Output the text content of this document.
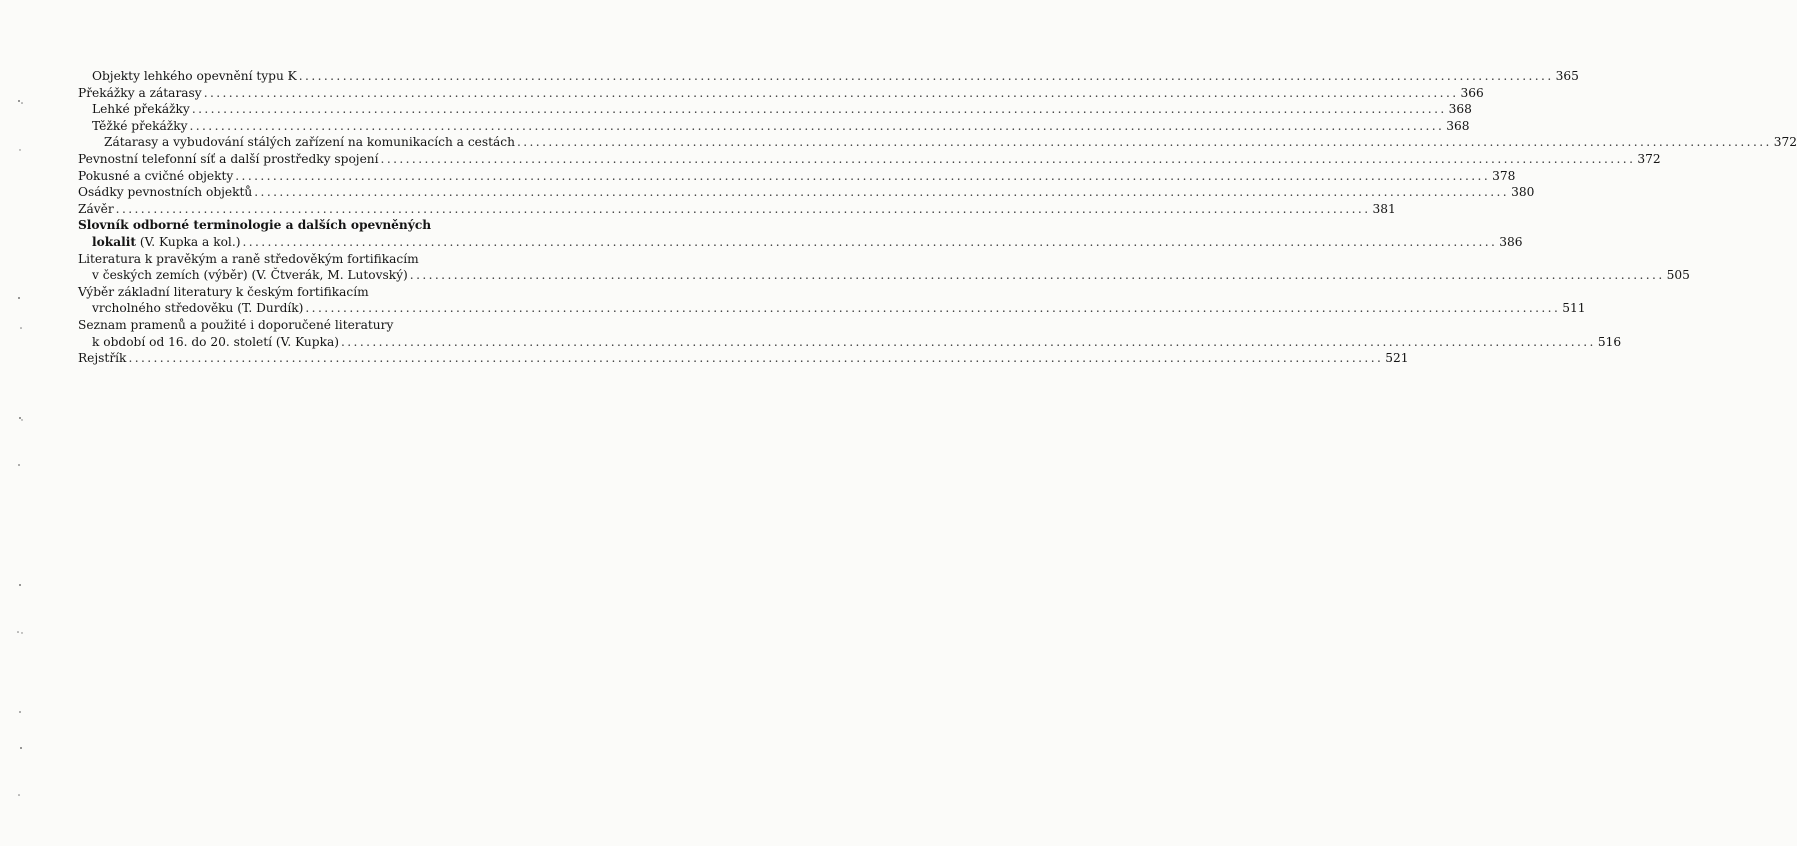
Objekty lehkého opevnění typu K ........................................................................................................................................................................................................ 365
Překážky a zátarasy ........................................................................................................................................................................................................ 366
Lehké překážky ........................................................................................................................................................................................................ 368
Těžké překážky ........................................................................................................................................................................................................ 368
Zátarasy a vybudování stálých zařízení na komunikacích a cestách ........................................................................................................................................................................................................ 372
Pevnostní telefonní síť a další prostředky spojení ........................................................................................................................................................................................................ 372
Pokusné a cvičné objekty ........................................................................................................................................................................................................ 378
Osádky pevnostních objektů ........................................................................................................................................................................................................ 380
Závěr ........................................................................................................................................................................................................ 381
Slovník odborné terminologie a dalších opevněných
lokalit (V. Kupka a kol.) ........................................................................................................................................................................................................ 386
Literatura k pravěkým a raně středověkým fortifikacím
v českých zemích (výběr) (V. Čtverák, M. Lutovský) ........................................................................................................................................................................................................ 505
Výběr základní literatury k českým fortifikacím
vrcholného středověku (T. Durdík) ........................................................................................................................................................................................................ 511
Seznam pramenů a použité i doporučené literatury
k období od 16. do 20. století (V. Kupka) ........................................................................................................................................................................................................ 516
Rejstřík ........................................................................................................................................................................................................ 521
